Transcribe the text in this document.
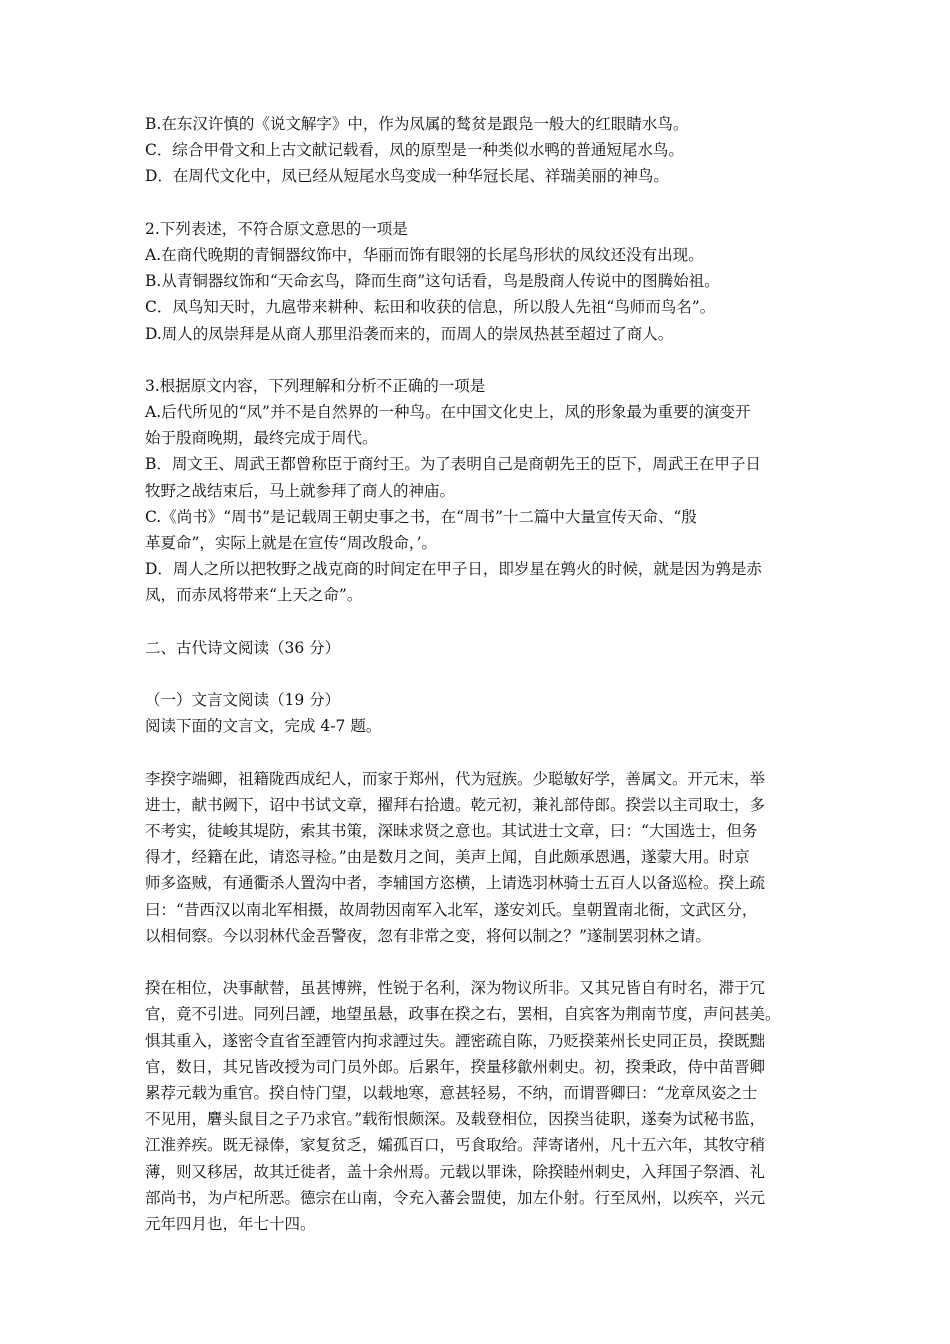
B.在东汉许慎的《说文解字》中，作为凤属的鹙贫是跟凫一般大的红眼睛水鸟。
C．综合甲骨文和上古文献记载看，凤的原型是一种类似水鸭的普通短尾水鸟。
D．在周代文化中，凤已经从短尾水鸟变成一种华冠长尾、祥瑞美丽的神鸟。
2.下列表述，不符合原文意思的一项是
A.在商代晚期的青铜器纹饰中，华丽而饰有眼翎的长尾鸟形状的凤纹还没有出现。
B.从青铜器纹饰和“天命玄鸟，降而生商”这句话看，鸟是殷商人传说中的图腾始祖。
C．凤鸟知天时，九扈带来耕种、耘田和收获的信息，所以殷人先祖“鸟师而鸟名”。
D.周人的凤崇拜是从商人那里沿袭而来的，而周人的崇凤热甚至超过了商人。
3.根据原文内容，下列理解和分析不正确的一项是
A.后代所见的“凤”并不是自然界的一种鸟。在中国文化史上，凤的形象最为重要的演变开
始于殷商晚期，最终完成于周代。
B．周文王、周武王都曾称臣于商纣王。为了表明自己是商朝先王的臣下，周武王在甲子日
牧野之战结束后，马上就参拜了商人的神庙。
C.《尚书》“周书”是记载周王朝史事之书，在“周书”十二篇中大量宣传天命、“殷
革夏命”，实际上就是在宣传“周改殷命，’。
D．周人之所以把牧野之战克商的时间定在甲子日，即岁星在鹑火的时候，就是因为鹑是赤
凤，而赤凤将带来“上天之命”。
二、古代诗文阅读（36 分）
（一）文言文阅读（19 分）
阅读下面的文言文，完成 4-7 题。
李揆字端卿，祖籍陇西成纪人，而家于郑州，代为冠族。少聪敏好学，善属文。开元末，举
进士，献书阙下，诏中书试文章，擢拜右拾遗。乾元初，兼礼部侍郎。揆尝以主司取士，多
不考实，徒峻其堤防，索其书策，深昧求贤之意也。其试进士文章，曰：“大国选士，但务
得才，经籍在此，请恣寻检。”由是数月之间，美声上闻，自此颇承恩遇，遂蒙大用。时京
师多盗贼，有通衢杀人置沟中者，李辅国方恣横，上请选羽林骑士五百人以备巡检。揆上疏
曰：“昔西汉以南北军相摄，故周勃因南军入北军，遂安刘氏。皇朝置南北衙，文武区分，
以相伺察。今以羽林代金吾警夜，忽有非常之变，将何以制之？”遂制罢羽林之请。
揆在相位，决事献替，虽甚博辨，性锐于名利，深为物议所非。又其兄皆自有时名，滞于冗
官，竟不引进。同列吕諲，地望虽悬，政事在揆之右，罢相，自宾客为荆南节度，声问甚美。
惧其重入，遂密令直省至諲管内拘求諲过失。諲密疏自陈，乃贬揆莱州长史同正员，揆既黜
官，数日，其兄皆改授为司门员外郎。后累年，揆量移歙州刺史。初，揆秉政，侍中苗晋卿
累荐元载为重官。揆自恃门望，以载地寒，意甚轻易，不纳，而谓晋卿曰：“龙章凤姿之士
不见用，麏头鼠目之子乃求官。”载衔恨颇深。及载登相位，因揆当徒职，遂奏为试秘书监，
江淮养疾。既无禄俸，家复贫乏，孀孤百口，丐食取给。萍寄诸州，凡十五六年，其牧守稍
薄，则又移居，故其迁徙者，盖十余州焉。元载以罪诛，除揆睦州刺史，入拜国子祭酒、礼
部尚书，为卢杞所恶。德宗在山南，令充入蕃会盟使，加左仆射。行至凤州，以疾卒，兴元
元年四月也，年七十四。
